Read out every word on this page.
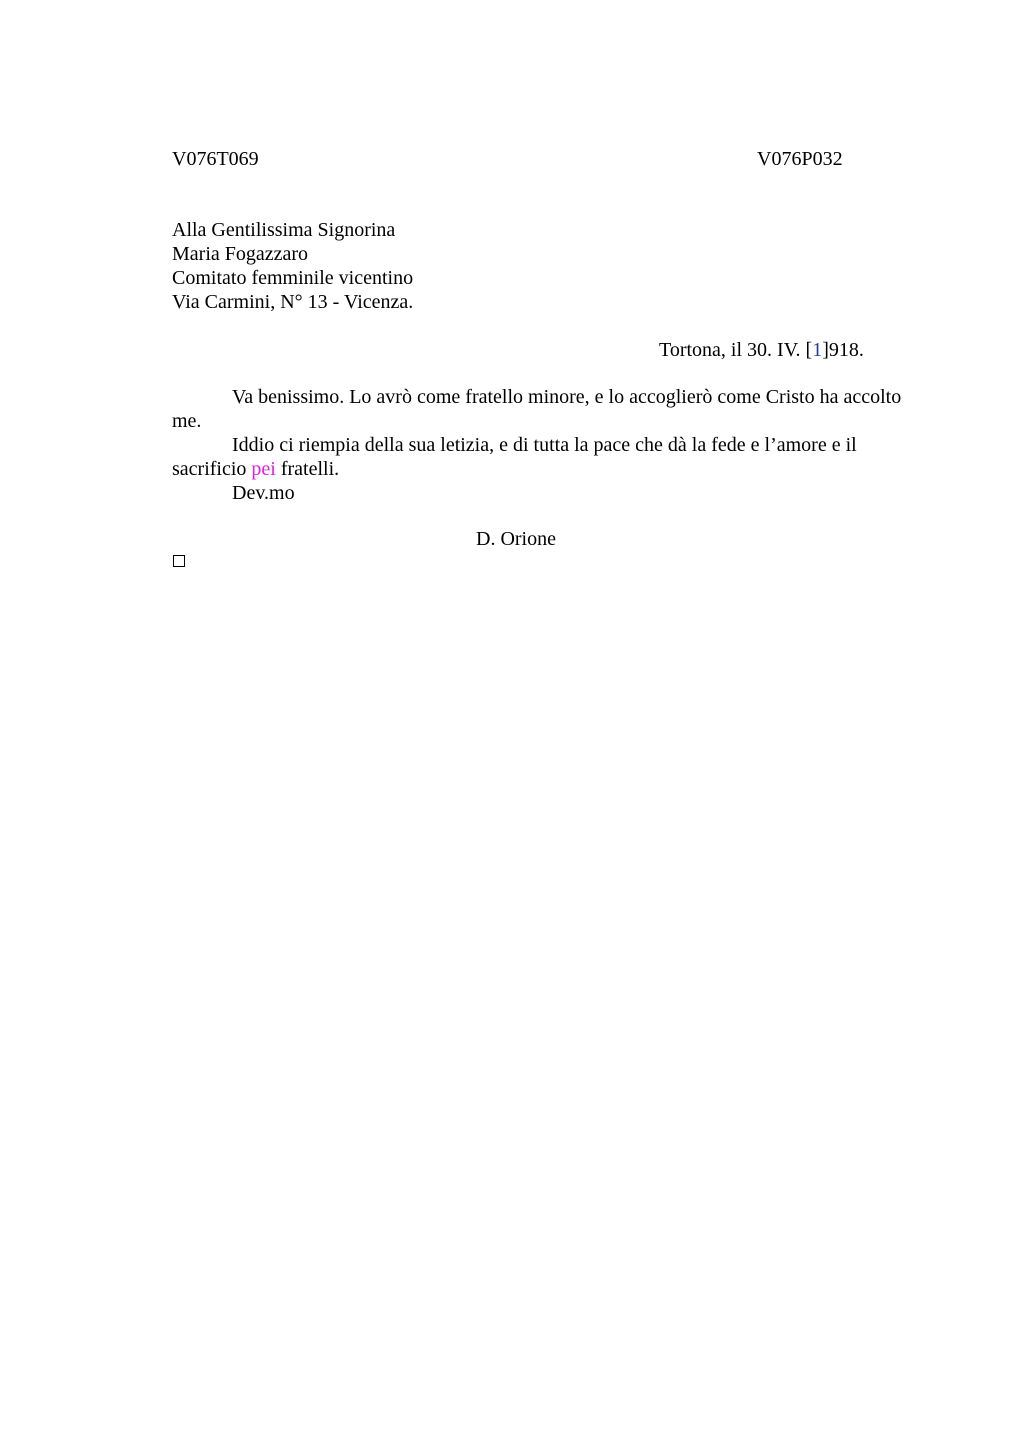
V076T069	V076P032
Alla Gentilissima Signorina
Maria Fogazzaro
Comitato femminile vicentino
Via Carmini, N° 13 - Vicenza.
Tortona, il 30. IV. [1]918.

Va benissimo. Lo avrò come fratello minore, e lo accoglierò come Cristo ha accolto me.

Iddio ci riempia della sua letizia, e di tutta la pace che dà la fede e l’amore e il sacrificio pei fratelli.

Dev.mo

D. Orione
